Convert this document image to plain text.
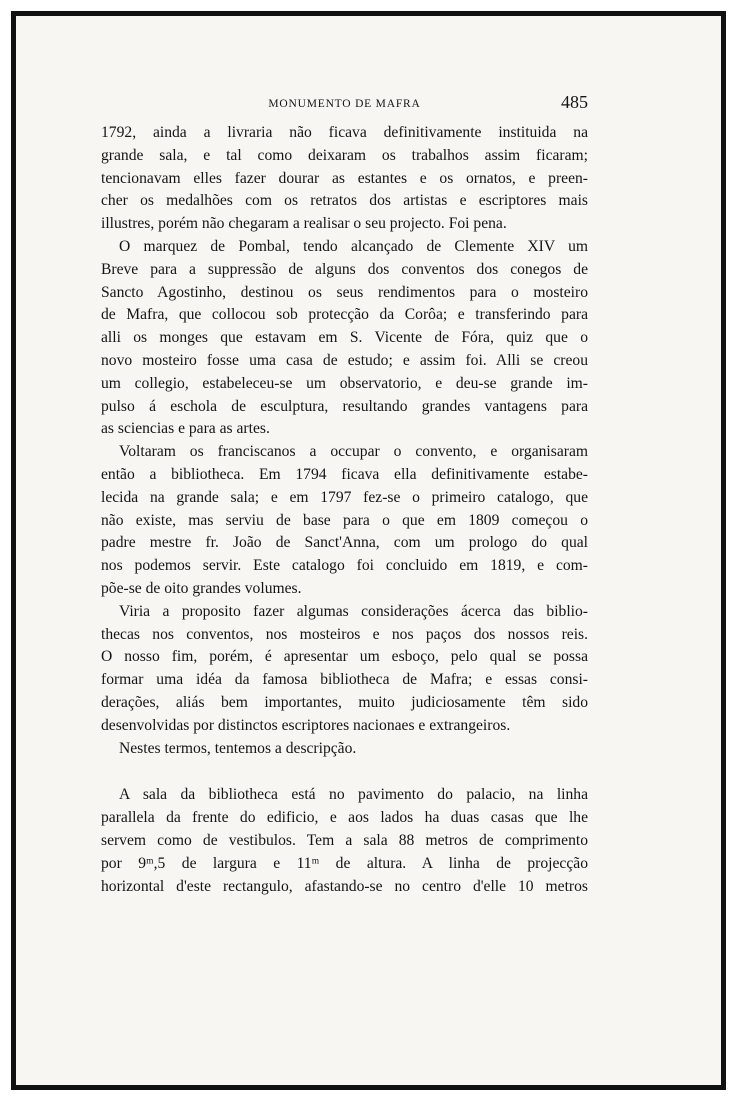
MONUMENTO DE MAFRA	485
1792, ainda a livraria não ficava definitivamente instituida na
grande sala, e tal como deixaram os trabalhos assim ficaram;
tencionavam elles fazer dourar as estantes e os ornatos, e preen-
cher os medalhões com os retratos dos artistas e escriptores mais
illustres, porém não chegaram a realisar o seu projecto. Foi pena.
O marquez de Pombal, tendo alcançado de Clemente XIV um
Breve para a suppressão de alguns dos conventos dos conegos de
Sancto Agostinho, destinou os seus rendimentos para o mosteiro
de Mafra, que collocou sob protecção da Corôa; e transferindo para
alli os monges que estavam em S. Vicente de Fóra, quiz que o
novo mosteiro fosse uma casa de estudo; e assim foi. Alli se creou
um collegio, estabeleceu-se um observatorio, e deu-se grande im-
pulso á eschola de esculptura, resultando grandes vantagens para
as sciencias e para as artes.
Voltaram os franciscanos a occupar o convento, e organisaram
então a bibliotheca. Em 1794 ficava ella definitivamente estabe-
lecida na grande sala; e em 1797 fez-se o primeiro catalogo, que
não existe, mas serviu de base para o que em 1809 começou o
padre mestre fr. João de Sanct'Anna, com um prologo do qual
nos podemos servir. Este catalogo foi concluido em 1819, e com-
põe-se de oito grandes volumes.
Viria a proposito fazer algumas considerações ácerca das biblio-
thecas nos conventos, nos mosteiros e nos paços dos nossos reis.
O nosso fim, porém, é apresentar um esboço, pelo qual se possa
formar uma idéa da famosa bibliotheca de Mafra; e essas consi-
derações, aliás bem importantes, muito judiciosamente têm sido
desenvolvidas por distinctos escriptores nacionaes e extrangeiros.
Nestes termos, tentemos a descripção.
A sala da bibliotheca está no pavimento do palacio, na linha
parallela da frente do edificio, e aos lados ha duas casas que lhe
servem como de vestibulos. Tem a sala 88 metros de comprimento
por 9ᵐ,5 de largura e 11ᵐ de altura. A linha de projecção
horizontal d'este rectangulo, afastando-se no centro d'elle 10 metros
